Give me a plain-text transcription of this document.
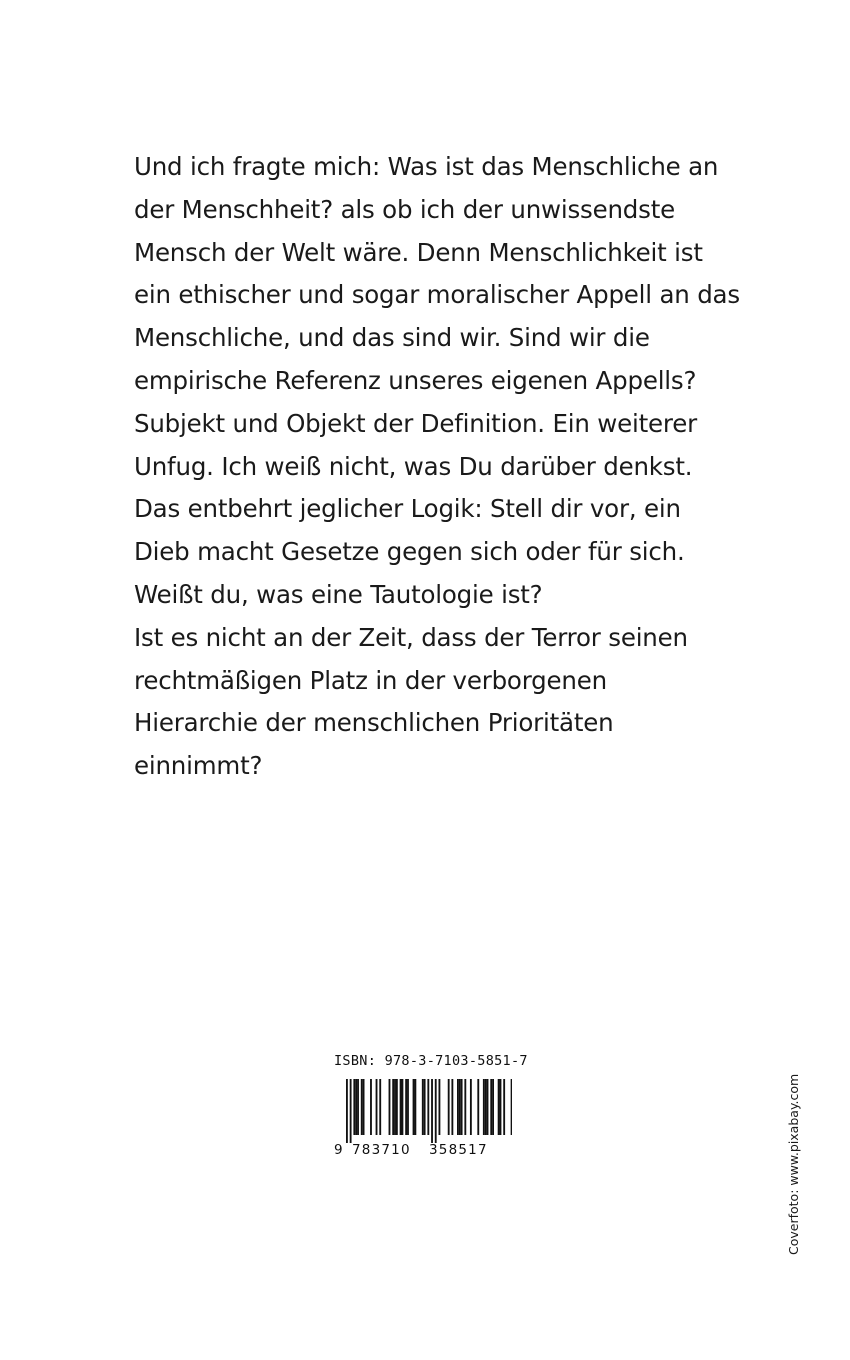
Und ich fragte mich: Was ist das Menschliche an
der Menschheit? als ob ich der unwissendste
Mensch der Welt wäre. Denn Menschlichkeit ist
ein ethischer und sogar moralischer Appell an das
Menschliche, und das sind wir. Sind wir die
empirische Referenz unseres eigenen Appells?
Subjekt und Objekt der Definition. Ein weiterer
Unfug. Ich weiß nicht, was Du darüber denkst.
Das entbehrt jeglicher Logik: Stell dir vor, ein
Dieb macht Gesetze gegen sich oder für sich.
Weißt du, was eine Tautologie ist?
Ist es nicht an der Zeit, dass der Terror seinen
rechtmäßigen Platz in der verborgenen
Hierarchie der menschlichen Prioritäten
einnimmt?

ISBN: 978-3-7103-5851-7
9 783710 358517	Coverfoto: www.pixabay.com
